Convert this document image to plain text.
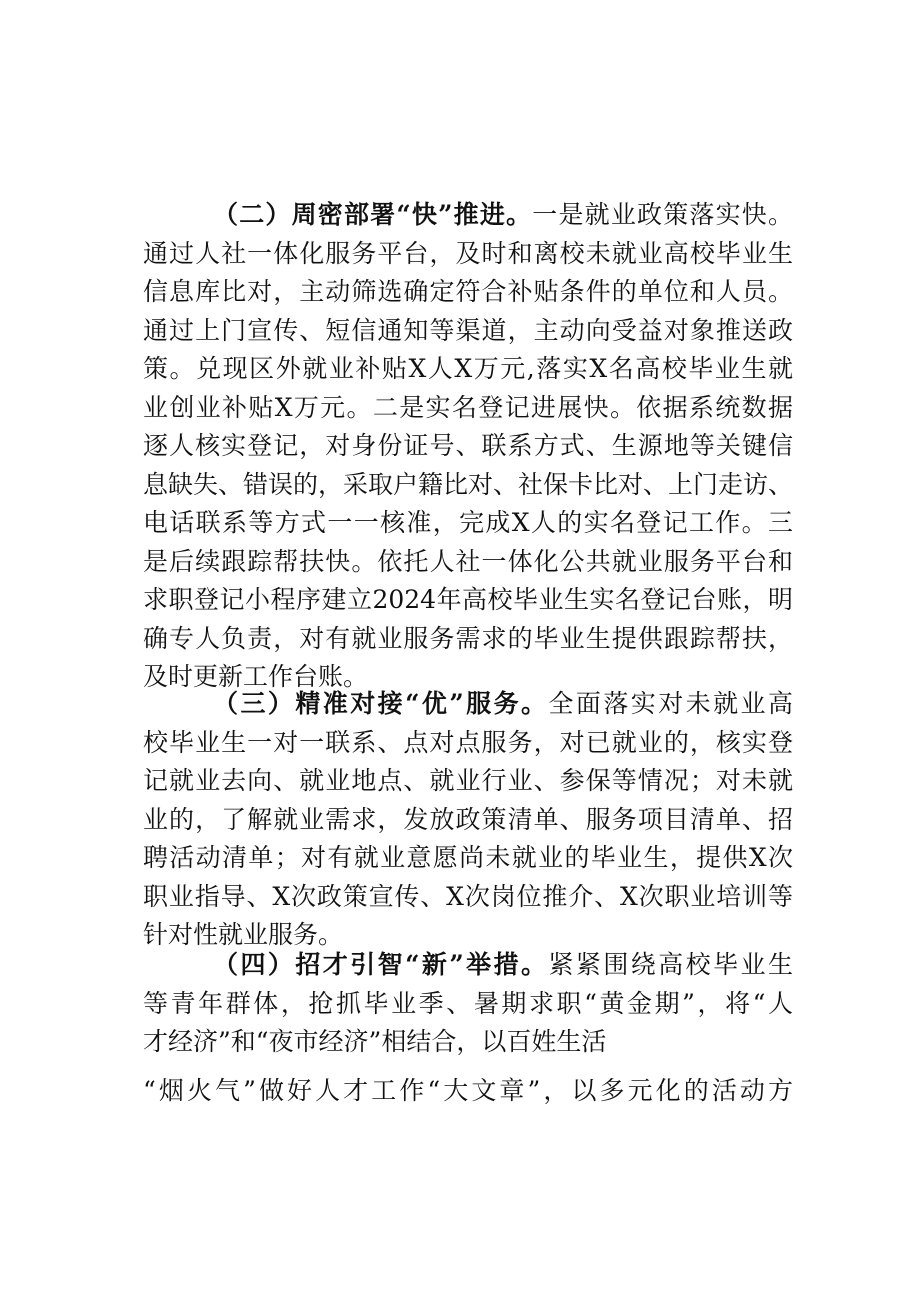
（二）周密部署“快”推进。一是就业政策落实快。
通过人社一体化服务平台，及时和离校未就业高校毕业生
信息库比对，主动筛选确定符合补贴条件的单位和人员。
通过上门宣传、短信通知等渠道，主动向受益对象推送政
策。兑现区外就业补贴X人X万元,落实X名高校毕业生就
业创业补贴X万元。二是实名登记进展快。依据系统数据
逐人核实登记，对身份证号、联系方式、生源地等关键信
息缺失、错误的，采取户籍比对、社保卡比对、上门走访、
电话联系等方式一一核准，完成X人的实名登记工作。三
是后续跟踪帮扶快。依托人社一体化公共就业服务平台和
求职登记小程序建立2024年高校毕业生实名登记台账，明
确专人负责，对有就业服务需求的毕业生提供跟踪帮扶，
及时更新工作台账。
（三）精准对接“优”服务。全面落实对未就业高
校毕业生一对一联系、点对点服务，对已就业的，核实登
记就业去向、就业地点、就业行业、参保等情况；对未就
业的，了解就业需求，发放政策清单、服务项目清单、招
聘活动清单；对有就业意愿尚未就业的毕业生，提供X次
职业指导、X次政策宣传、X次岗位推介、X次职业培训等
针对性就业服务。
（四）招才引智“新”举措。紧紧围绕高校毕业生
等青年群体，抢抓毕业季、暑期求职“黄金期”，将“人
才经济”和“夜市经济”相结合，以百姓生活
“烟火气”做好人才工作“大文章”，以多元化的活动方
